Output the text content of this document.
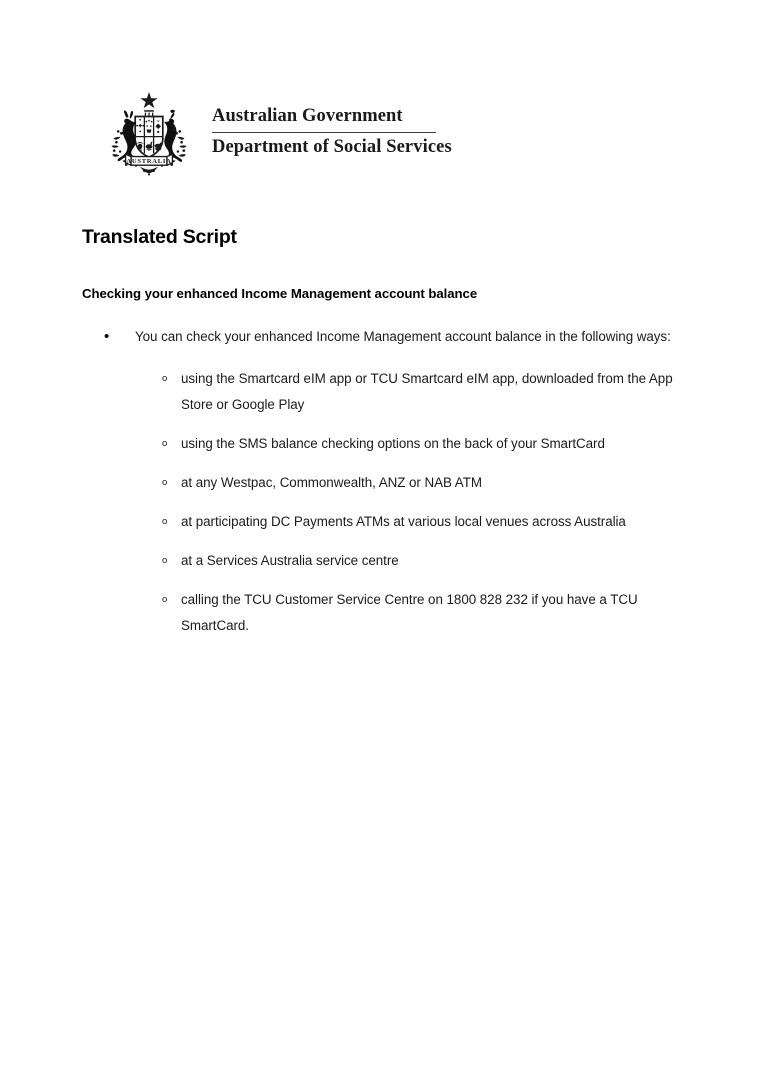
AUSTRALIA
Australian Government
Department of Social Services
Translated Script
Checking your enhanced Income Management account balance
• You can check your enhanced Income Management account balance in the following ways:
o using the Smartcard eIM app or TCU Smartcard eIM app, downloaded from the App Store or Google Play
o using the SMS balance checking options on the back of your SmartCard
o at any Westpac, Commonwealth, ANZ or NAB ATM
o at participating DC Payments ATMs at various local venues across Australia
o at a Services Australia service centre
o calling the TCU Customer Service Centre on 1800 828 232 if you have a TCU SmartCard.
